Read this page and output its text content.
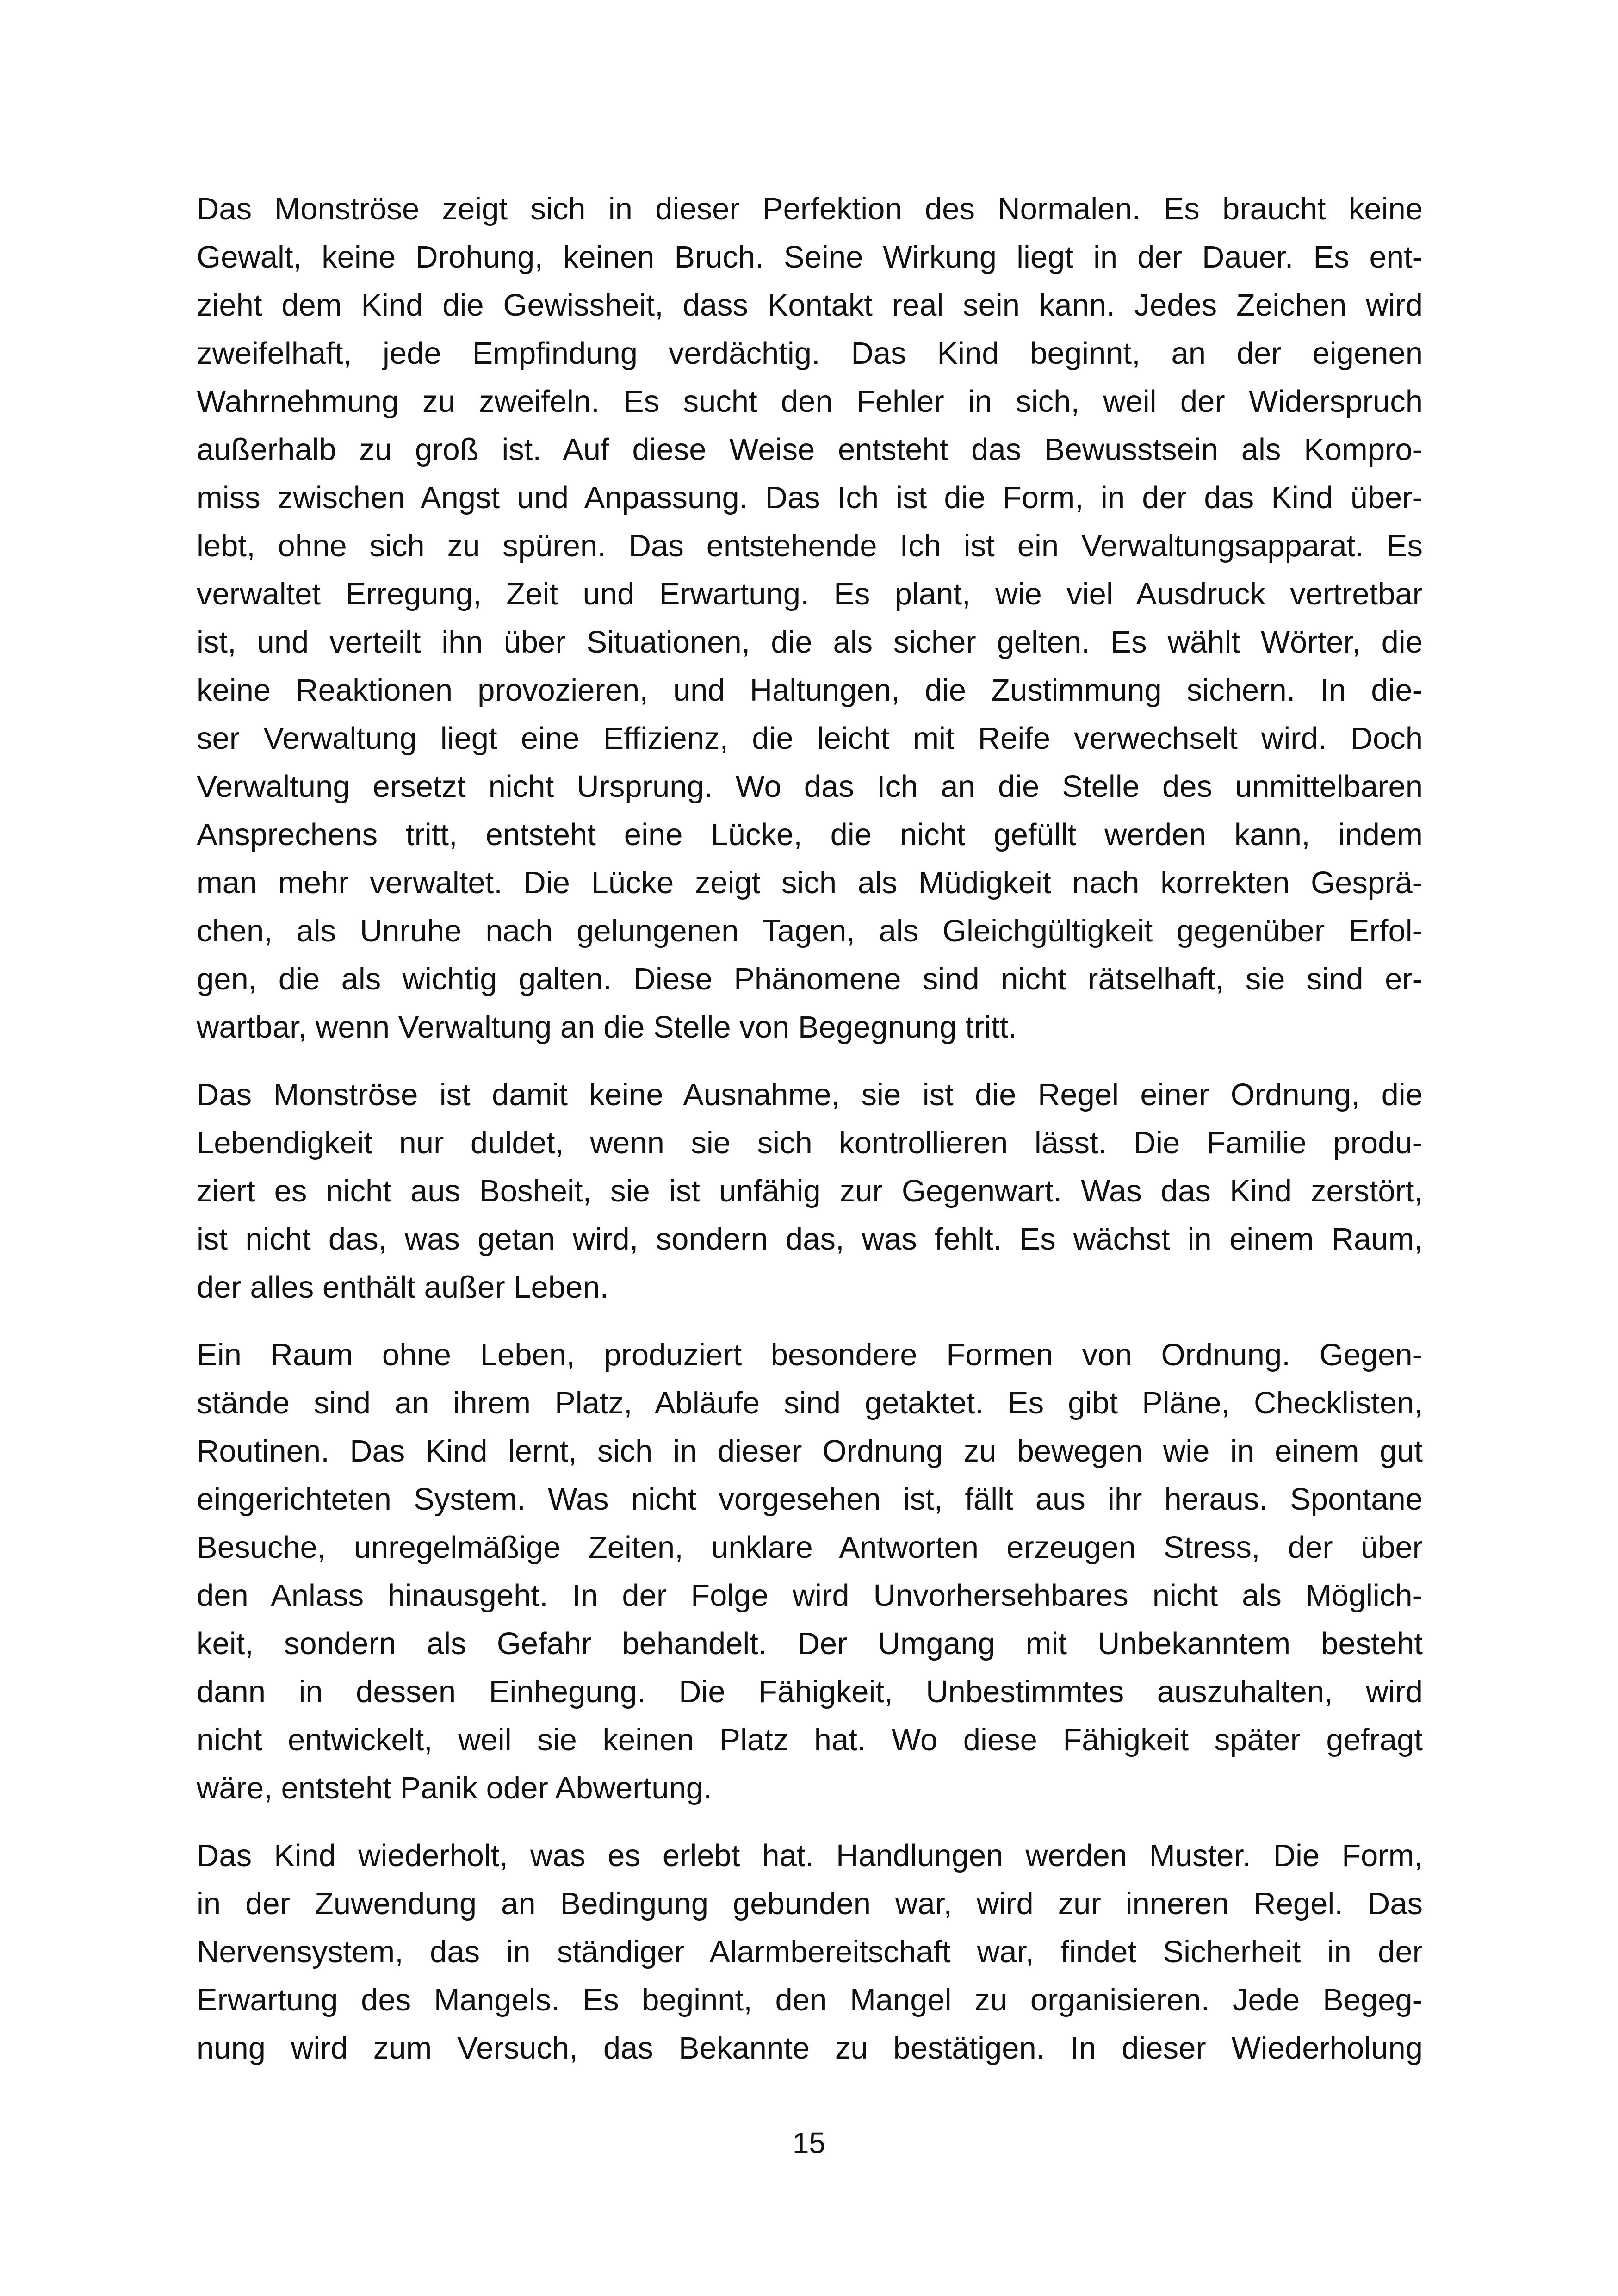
Das Monströse zeigt sich in dieser Perfektion des Normalen. Es braucht keine
Gewalt, keine Drohung, keinen Bruch. Seine Wirkung liegt in der Dauer. Es ent-
zieht dem Kind die Gewissheit, dass Kontakt real sein kann. Jedes Zeichen wird
zweifelhaft, jede Empfindung verdächtig. Das Kind beginnt, an der eigenen
Wahrnehmung zu zweifeln. Es sucht den Fehler in sich, weil der Widerspruch
außerhalb zu groß ist. Auf diese Weise entsteht das Bewusstsein als Kompro-
miss zwischen Angst und Anpassung. Das Ich ist die Form, in der das Kind über-
lebt, ohne sich zu spüren. Das entstehende Ich ist ein Verwaltungsapparat. Es
verwaltet Erregung, Zeit und Erwartung. Es plant, wie viel Ausdruck vertretbar
ist, und verteilt ihn über Situationen, die als sicher gelten. Es wählt Wörter, die
keine Reaktionen provozieren, und Haltungen, die Zustimmung sichern. In die-
ser Verwaltung liegt eine Effizienz, die leicht mit Reife verwechselt wird. Doch
Verwaltung ersetzt nicht Ursprung. Wo das Ich an die Stelle des unmittelbaren
Ansprechens tritt, entsteht eine Lücke, die nicht gefüllt werden kann, indem
man mehr verwaltet. Die Lücke zeigt sich als Müdigkeit nach korrekten Gesprä-
chen, als Unruhe nach gelungenen Tagen, als Gleichgültigkeit gegenüber Erfol-
gen, die als wichtig galten. Diese Phänomene sind nicht rätselhaft, sie sind er-
wartbar, wenn Verwaltung an die Stelle von Begegnung tritt.
Das Monströse ist damit keine Ausnahme, sie ist die Regel einer Ordnung, die
Lebendigkeit nur duldet, wenn sie sich kontrollieren lässt. Die Familie produ-
ziert es nicht aus Bosheit, sie ist unfähig zur Gegenwart. Was das Kind zerstört,
ist nicht das, was getan wird, sondern das, was fehlt. Es wächst in einem Raum,
der alles enthält außer Leben.
Ein Raum ohne Leben, produziert besondere Formen von Ordnung. Gegen-
stände sind an ihrem Platz, Abläufe sind getaktet. Es gibt Pläne, Checklisten,
Routinen. Das Kind lernt, sich in dieser Ordnung zu bewegen wie in einem gut
eingerichteten System. Was nicht vorgesehen ist, fällt aus ihr heraus. Spontane
Besuche, unregelmäßige Zeiten, unklare Antworten erzeugen Stress, der über
den Anlass hinausgeht. In der Folge wird Unvorhersehbares nicht als Möglich-
keit, sondern als Gefahr behandelt. Der Umgang mit Unbekanntem besteht
dann in dessen Einhegung. Die Fähigkeit, Unbestimmtes auszuhalten, wird
nicht entwickelt, weil sie keinen Platz hat. Wo diese Fähigkeit später gefragt
wäre, entsteht Panik oder Abwertung.
Das Kind wiederholt, was es erlebt hat. Handlungen werden Muster. Die Form,
in der Zuwendung an Bedingung gebunden war, wird zur inneren Regel. Das
Nervensystem, das in ständiger Alarmbereitschaft war, findet Sicherheit in der
Erwartung des Mangels. Es beginnt, den Mangel zu organisieren. Jede Begeg-
nung wird zum Versuch, das Bekannte zu bestätigen. In dieser Wiederholung
15
